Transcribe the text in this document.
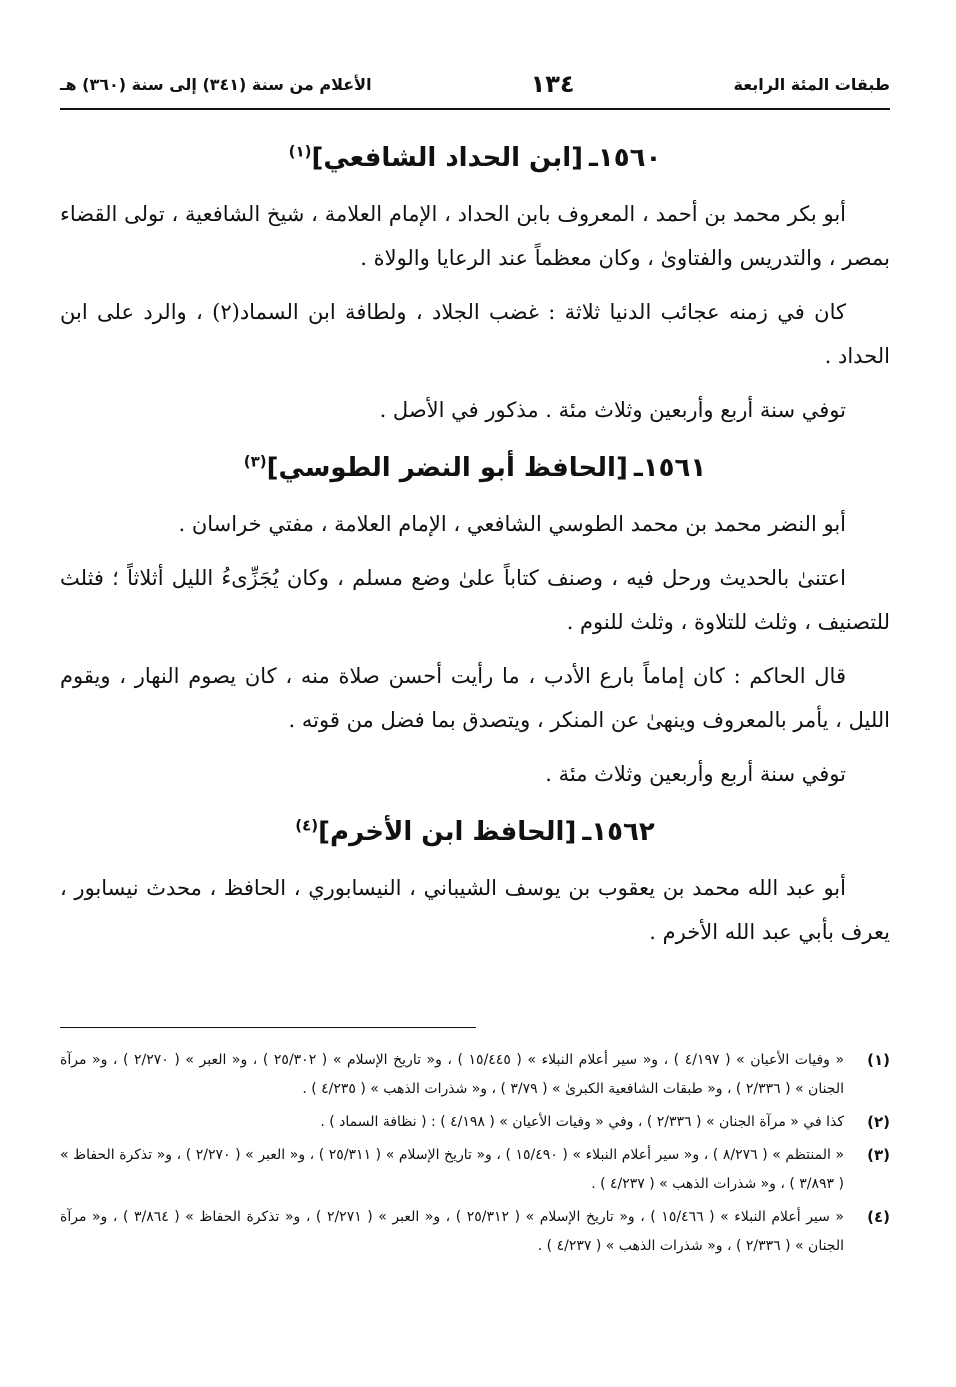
طبقات المئة الرابعة
١٣٤
الأعلام من سنة (٣٤١) إلى سنة (٣٦٠) هـ
١٥٦٠ـ[ابن الحداد الشافعي]$^{(١)}$

أبو بكر محمد بن أحمد ، المعروف بابن الحداد ، الإمام العلامة ، شيخ الشافعية ، تولى القضاء بمصر ، والتدريس والفتاوىٰ ، وكان معظماً عند الرعايا والولاة .

كان في زمنه عجائب الدنيا ثلاثة : غضب الجلاد ، ولطافة ابن السماد(٢) ، والرد على ابن الحداد .

توفي سنة أربع وأربعين وثلاث مئة . مذكور في الأصل .

١٥٦١ـ[الحافظ أبو النضر الطوسي]$^{(٣)}$

أبو النضر محمد بن محمد الطوسي الشافعي ، الإمام العلامة ، مفتي خراسان .

اعتنىٰ بالحديث ورحل فيه ، وصنف كتاباً علىٰ وضع مسلم ، وكان يُجَزِّىءُ الليل أثلاثاً ؛ فثلث للتصنيف ، وثلث للتلاوة ، وثلث للنوم .

قال الحاكم : كان إماماً بارع الأدب ، ما رأيت أحسن صلاة منه ، كان يصوم النهار ، ويقوم الليل ، يأمر بالمعروف وينهىٰ عن المنكر ، ويتصدق بما فضل من قوته .

توفي سنة أربع وأربعين وثلاث مئة .

١٥٦٢ـ[الحافظ ابن الأخرم]$^{(٤)}$

أبو عبد الله محمد بن يعقوب بن يوسف الشيباني ، النيسابوري ، الحافظ ، محدث نيسابور ، يعرف بأبي عبد الله الأخرم .

(١)
« وفيات الأعيان » ( ٤/١٩٧ ) ، و« سير أعلام النبلاء » ( ١٥/٤٤٥ ) ، و« تاريخ الإسلام » ( ٢٥/٣٠٢ ) ، و« العبر » ( ٢/٢٧٠ ) ، و« مرآة الجنان » ( ٢/٣٣٦ ) ، و« طبقات الشافعية الكبرىٰ » ( ٣/٧٩ ) ، و« شذرات الذهب » ( ٤/٢٣٥ ) .
(٢)
كذا في « مرآة الجنان » ( ٢/٣٣٦ ) ، وفي « وفيات الأعيان » ( ٤/١٩٨ ) : ( نظافة السماد ) .
(٣)
« المنتظم » ( ٨/٢٧٦ ) ، و« سير أعلام النبلاء » ( ١٥/٤٩٠ ) ، و« تاريخ الإسلام » ( ٢٥/٣١١ ) ، و« العبر » ( ٢/٢٧٠ ) ، و« تذكرة الحفاظ » ( ٣/٨٩٣ ) ، و« شذرات الذهب » ( ٤/٢٣٧ ) .
(٤)
« سير أعلام النبلاء » ( ١٥/٤٦٦ ) ، و« تاريخ الإسلام » ( ٢٥/٣١٢ ) ، و« العبر » ( ٢/٢٧١ ) ، و« تذكرة الحفاظ » ( ٣/٨٦٤ ) ، و« مرآة الجنان » ( ٢/٣٣٦ ) ، و« شذرات الذهب » ( ٤/٢٣٧ ) .
